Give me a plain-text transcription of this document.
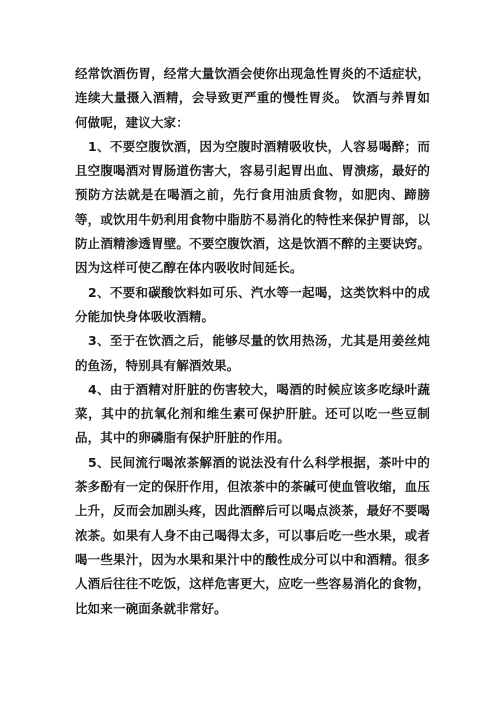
经常饮酒伤胃，经常大量饮酒会使你出现急性胃炎的不适症状，连续大量摄入酒精，会导致更严重的慢性胃炎。 饮酒与养胃如何做呢，建议大家：

1、不要空腹饮酒，因为空腹时酒精吸收快，人容易喝醉；而且空腹喝酒对胃肠道伤害大，容易引起胃出血、胃溃疡，最好的预防方法就是在喝酒之前，先行食用油质食物，如肥肉、蹄膀等，或饮用牛奶利用食物中脂肪不易消化的特性来保护胃部，以防止酒精渗透胃壁。不要空腹饮酒，这是饮酒不醉的主要诀窍。因为这样可使乙醇在体内吸收时间延长。

2、不要和碳酸饮料如可乐、汽水等一起喝，这类饮料中的成分能加快身体吸收酒精。

3、至于在饮酒之后，能够尽量的饮用热汤，尤其是用姜丝炖的鱼汤，特别具有解酒效果。

4、由于酒精对肝脏的伤害较大，喝酒的时候应该多吃绿叶蔬菜，其中的抗氧化剂和维生素可保护肝脏。还可以吃一些豆制品，其中的卵磷脂有保护肝脏的作用。

5、民间流行喝浓茶解酒的说法没有什么科学根据，茶叶中的茶多酚有一定的保肝作用，但浓茶中的茶碱可使血管收缩，血压上升，反而会加剧头疼，因此酒醉后可以喝点淡茶，最好不要喝浓茶。如果有人身不由己喝得太多，可以事后吃一些水果，或者喝一些果汁，因为水果和果汁中的酸性成分可以中和酒精。很多人酒后往往不吃饭，这样危害更大，应吃一些容易消化的食物，比如来一碗面条就非常好。
